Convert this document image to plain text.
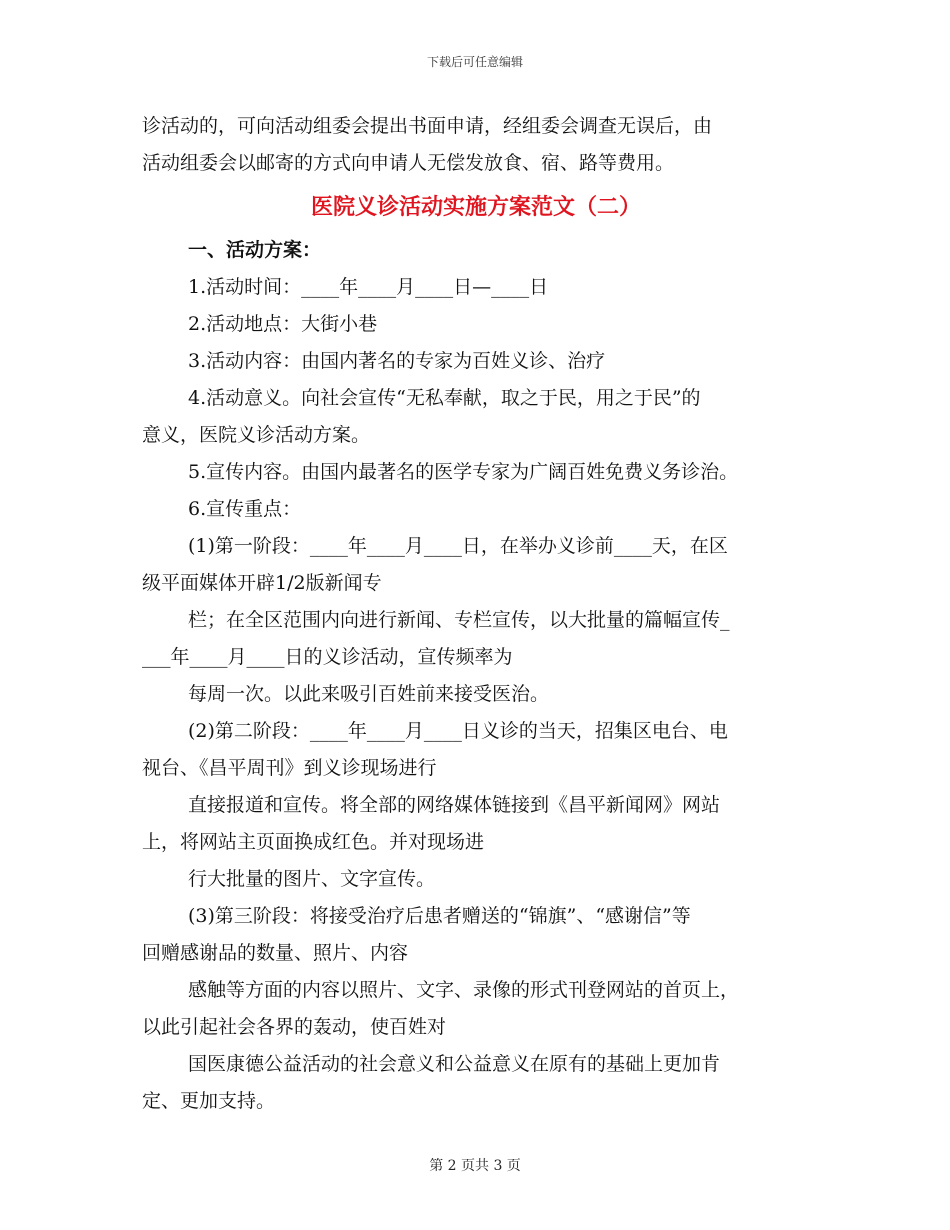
下载后可任意编辑
诊活动的，可向活动组委会提出书面申请，经组委会调查无误后，由
活动组委会以邮寄的方式向申请人无偿发放食、宿、路等费用。
医院义诊活动实施方案范文（二）
一、活动方案：
1.活动时间：____年____月____日—____日
2.活动地点：大街小巷
3.活动内容：由国内著名的专家为百姓义诊、治疗
4.活动意义。向社会宣传“无私奉献，取之于民，用之于民”的
意义，医院义诊活动方案。
5.宣传内容。由国内最著名的医学专家为广阔百姓免费义务诊治。
6.宣传重点：
(1)第一阶段：____年____月____日，在举办义诊前____天，在区
级平面媒体开辟1/2版新闻专
栏；在全区范围内向进行新闻、专栏宣传，以大批量的篇幅宣传_
___年____月____日的义诊活动，宣传频率为
每周一次。以此来吸引百姓前来接受医治。
(2)第二阶段：____年____月____日义诊的当天，招集区电台、电
视台、《昌平周刊》到义诊现场进行
直接报道和宣传。将全部的网络媒体链接到《昌平新闻网》网站
上，将网站主页面换成红色。并对现场进
行大批量的图片、文字宣传。
(3)第三阶段：将接受治疗后患者赠送的“锦旗”、“感谢信”等
回赠感谢品的数量、照片、内容
感触等方面的内容以照片、文字、录像的形式刊登网站的首页上，
以此引起社会各界的轰动，使百姓对
国医康德公益活动的社会意义和公益意义在原有的基础上更加肯
定、更加支持。
第 2 页共 3 页
